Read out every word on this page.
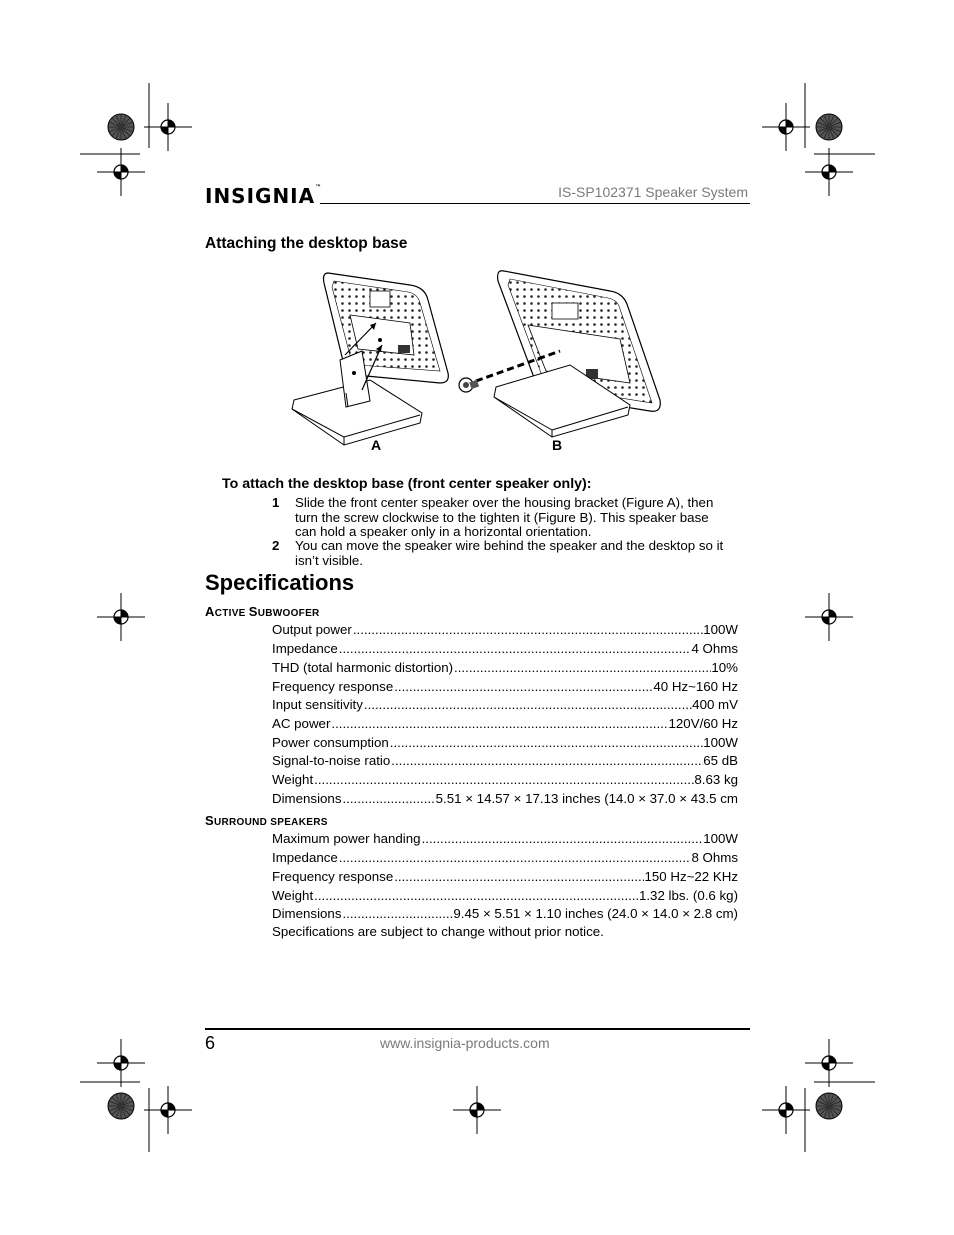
INSIGNIA™	IS-SP102371 Speaker System
Attaching the desktop base
A	B
To attach the desktop base (front center speaker only):
1 Slide the front center speaker over the housing bracket (Figure A), then
turn the screw clockwise to the tighten it (Figure B). This speaker base
can hold a speaker only in a horizontal orientation.
2 You can move the speaker wire behind the speaker and the desktop so it
isn’t visible.
Specifications
ACTIVE SUBWOOFER
Output power .....	100W
Impedance .....	4 Ohms
THD (total harmonic distortion) .....	10%
Frequency response .....	40 Hz~160 Hz
Input sensitivity .....	400 mV
AC power .....	120V/60 Hz
Power consumption .....	100W
Signal-to-noise ratio .....	65 dB
Weight .....	8.63 kg
Dimensions .....	5.51 × 14.57 × 17.13 inches (14.0 × 37.0 × 43.5 cm
SURROUND SPEAKERS
Maximum power handing .....	100W
Impedance .....	8 Ohms
Frequency response .....	150 Hz~22 KHz
Weight .....	1.32 lbs. (0.6 kg)
Dimensions .....	9.45 × 5.51 × 1.10 inches (24.0 × 14.0 × 2.8 cm)
Specifications are subject to change without prior notice.
6	www.insignia-products.com
